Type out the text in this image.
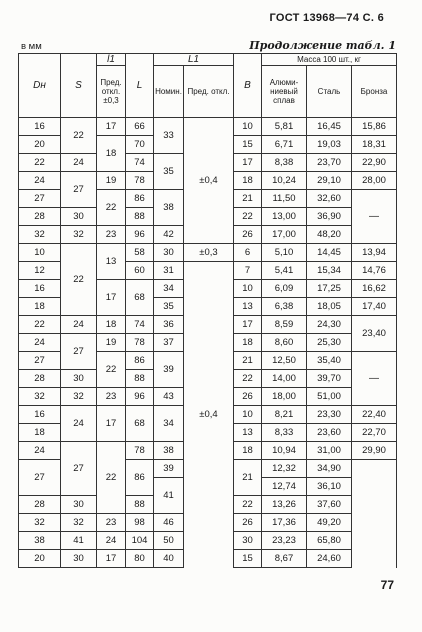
ГОСТ 13968—74 С. 6
в мм	Продолжение табл. 1
Dн	S	l1	L	L1		B	Масса 100 шт., кг		
		Пред. откл. ±0,3		Номин.	Пред. откл.		Алюми-ниевый сплав	Сталь	Бронза
16	22	17	66	33	±0,4	10	5,81	16,45	15,86
20		18	70			15	6,71	19,03	18,31
22	24		74	35		17	8,38	23,70	22,90
24	27	19	78			18	10,24	29,10	28,00
27		22	86	38		21	11,50	32,60	—
28	30		88			22	13,00	36,90	
32	32	23	96	42		26	17,00	48,20	
10	22	13	58	30	±0,3	6	5,10	14,45	13,94
12			60	31	±0,4	7	5,41	15,34	14,76
16		17	68	34		10	6,09	17,25	16,62
18				35		13	6,38	18,05	17,40
22	24	18	74	36		17	8,59	24,30	23,40
24	27	19	78	37		18	8,60	25,30	
27		22	86	39		21	12,50	35,40	—
28	30		88			22	14,00	39,70	
32	32	23	96	43		26	18,00	51,00	
16	24	17	68	34		10	8,21	23,30	22,40
18						13	8,33	23,60	22,70
24	27	22	78	38		18	10,94	31,00	29,90
27			86	39		21	12,32	34,90	
				41			12,74	36,10	
28	30		88			22	13,26	37,60	
32	32	23	98	46		26	17,36	49,20	
38	41	24	104	50		30	23,23	65,80	
20	30	17	80	40		15	8,67	24,60	
77
